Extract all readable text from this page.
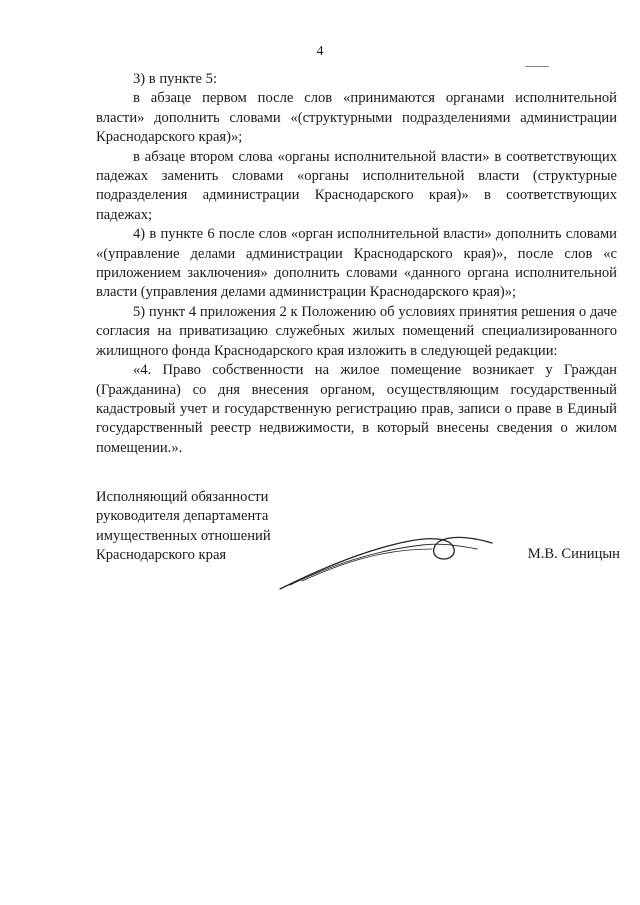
4

3) в пункте 5:

в абзаце первом после слов «принимаются органами исполнительной власти» дополнить словами «(структурными подразделениями администрации Краснодарского края)»;

в абзаце втором слова «органы исполнительной власти» в соответствующих падежах заменить словами «органы исполнительной власти (структурные подразделения администрации Краснодарского края)» в соответствующих падежах;

4) в пункте 6 после слов «орган исполнительной власти» дополнить словами «(управление делами администрации Краснодарского края)», после слов «с приложением заключения» дополнить словами «данного органа исполнительной власти (управления делами администрации Краснодарского края)»;

5) пункт 4 приложения 2 к Положению об условиях принятия решения о даче согласия на приватизацию служебных жилых помещений специализированного жилищного фонда Краснодарского края изложить в следующей редакции:

«4. Право собственности на жилое помещение возникает у Граждан (Гражданина) со дня внесения органом, осуществляющим государственный кадастровый учет и государственную регистрацию прав, записи о праве в Единый государственный реестр недвижимости, в который внесены сведения о жилом помещении.».

Исполняющий обязанности
руководителя департамента
имущественных отношений
Краснодарского края	М.В. Синицын
